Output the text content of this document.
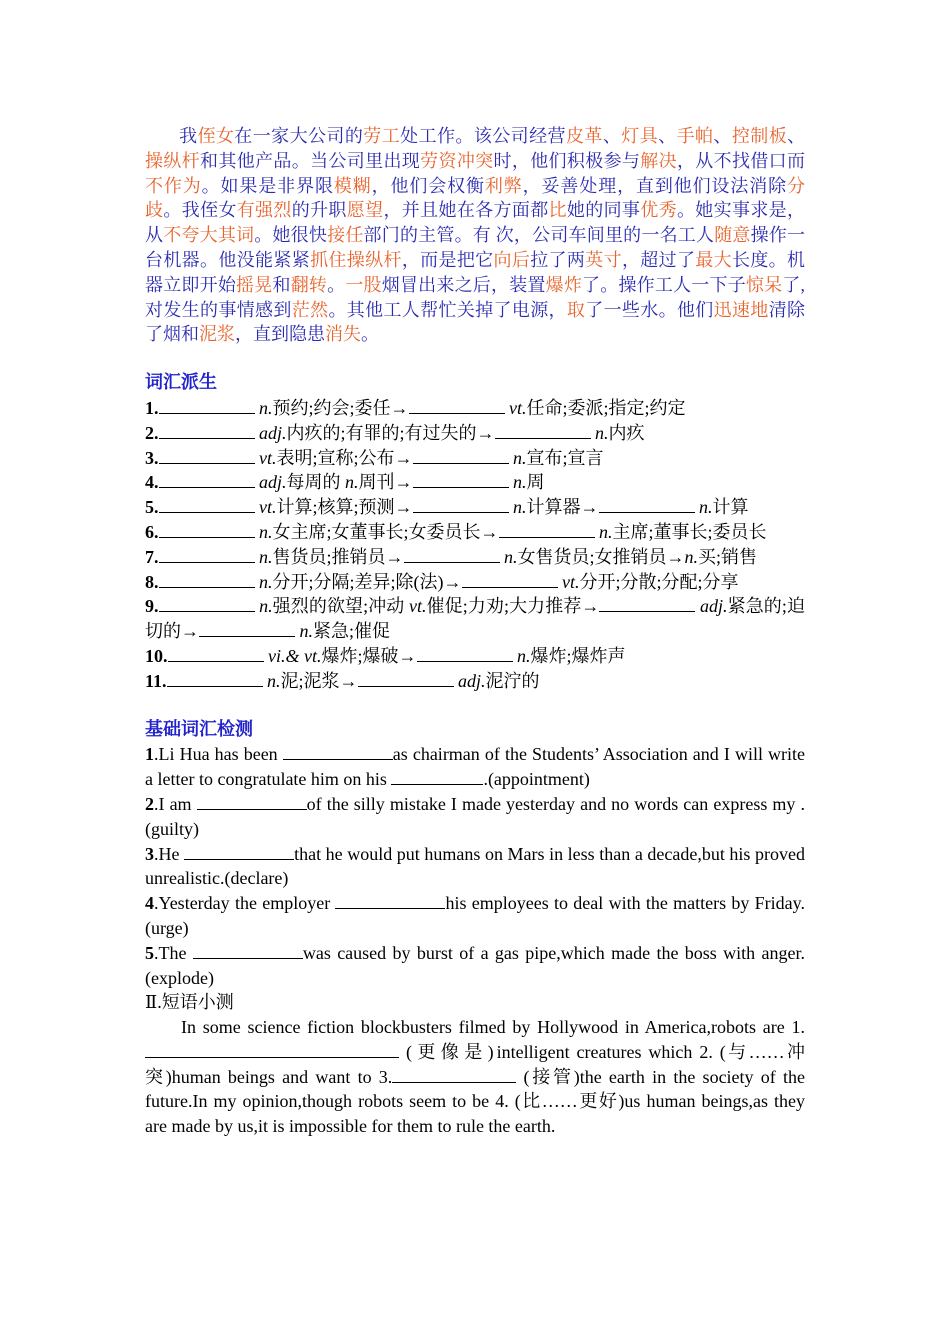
我侄女在一家大公司的劳工处工作。该公司经营皮革、灯具、手帕、控制板、操纵杆和其他产品。当公司里出现劳资冲突时，他们积极参与解决，从不找借口而不作为。如果是非界限模糊，他们会权衡利弊，妥善处理，直到他们设法消除分歧。我侄女有强烈的升职愿望，并且她在各方面都比她的同事优秀。她实事求是，从不夸大其词。她很快接任部门的主管。有 次，公司车间里的一名工人随意操作一台机器。他没能紧紧抓住操纵杆，而是把它向后拉了两英寸，超过了最大长度。机器立即开始摇晃和翻转。一股烟冒出来之后，装置爆炸了。操作工人一下子惊呆了,对发生的事情感到茫然。其他工人帮忙关掉了电源，取了一些水。他们迅速地清除了烟和泥浆，直到隐患消失。

词汇派生

1.	n.预约;约会;委任→	vt.任命;委派;指定;约定

2.	adj.内疚的;有罪的;有过失的→	n.内疚

3.	vt.表明;宣称;公布→	n.宣布;宣言

4.	adj.每周的 n.周刊→	n.周

5.	vt.计算;核算;预测→	n.计算器→	n.计算

6.	n.女主席;女董事长;女委员长→	n.主席;董事长;委员长

7.	n.售货员;推销员→	n.女售货员;女推销员→n.买;销售

8.	n.分开;分隔;差异;除(法)→	vt.分开;分散;分配;分享

9.	n.强烈的欲望;冲动 vt.催促;力劝;大力推荐→	adj.紧急的;迫切的→	n.紧急;催促

10.	vi.& vt.爆炸;爆破→	n.爆炸;爆炸声

11.	n.泥;泥浆→	adj.泥泞的

基础词汇检测

1.Li Hua has been	as chairman of the Students’ Association and I will write a letter to congratulate him on his	.(appointment)

2.I am	of the silly mistake I made yesterday and no words can express my .(guilty)

3.He	that he would put humans on Mars in less than a decade,but his proved unrealistic.(declare)

4.Yesterday the employer	his employees to deal with the matters by Friday.(urge)

5.The	was caused by burst of a gas pipe,which made the boss with anger.(explode)

Ⅱ.短语小测

In some science fiction blockbusters filmed by Hollywood in America,robots are 1.  (更像是)intelligent creatures which 2. (与……冲突)human beings and want to 3.	(接管)the earth in the society of the future.In my opinion,though robots seem to be 4. (比……更好)us human beings,as they are made by us,it is impossible for them to rule the earth.
